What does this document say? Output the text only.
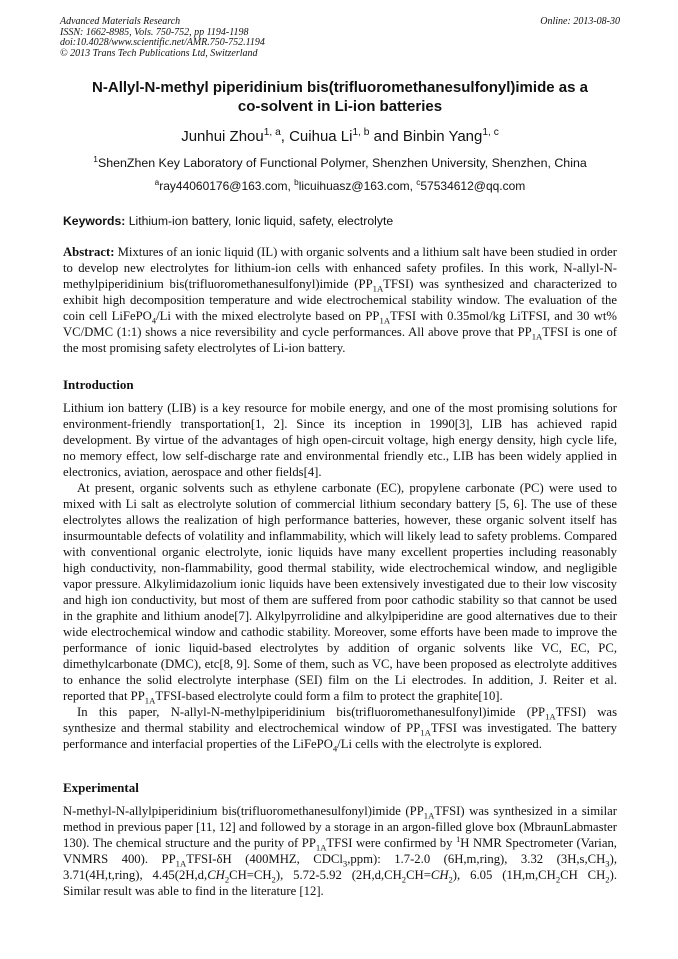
Advanced Materials Research
ISSN: 1662-8985, Vols. 750-752, pp 1194-1198
doi:10.4028/www.scientific.net/AMR.750-752.1194
© 2013 Trans Tech Publications Ltd, Switzerland
Online: 2013-08-30
N-Allyl-N-methyl piperidinium bis(trifluoromethanesulfonyl)imide as a
co-solvent in Li-ion batteries
Junhui Zhou$^{1, a}$, Cuihua Li$^{1, b}$ and Binbin Yang$^{1, c}$
$^1$ShenZhen Key Laboratory of Functional Polymer, Shenzhen University, Shenzhen, China
$^a$ray44060176@163.com, $^b$licuihuasz@163.com, $^c$57534612@qq.com
Keywords: Lithium-ion battery, Ionic liquid, safety, electrolyte

Abstract: Mixtures of an ionic liquid (IL) with organic solvents and a lithium salt have been studied in order to develop new electrolytes for lithium-ion cells with enhanced safety profiles. In this work, N-allyl-N-methylpiperidinium bis(trifluoromethanesulfonyl)imide $(PP_{1A}TFSI)$ was synthesized and characterized to exhibit high decomposition temperature and wide electrochemical stability window. The evaluation of the coin cell LiFePO$_4$/Li with the mixed electrolyte based on $PP_{1A}TFSI$ with 0.35mol/kg LiTFSI, and 30 wt% VC/DMC (1:1) shows a nice reversibility and cycle performances. All above prove that $PP_{1A}TFSI$ is one of the most promising safety electrolytes of Li-ion battery.

Introduction

Lithium ion battery (LIB) is a key resource for mobile energy, and one of the most promising solutions for environment-friendly transportation[1, 2]. Since its inception in 1990[3], LIB has achieved rapid development. By virtue of the advantages of high open-circuit voltage, high energy density, high cycle life, no memory effect, low self-discharge rate and environmental friendly etc., LIB has been widely applied in electronics, aviation, aerospace and other fields[4].

At present, organic solvents such as ethylene carbonate (EC), propylene carbonate (PC) were used to mixed with Li salt as electrolyte solution of commercial lithium secondary battery [5, 6]. The use of these electrolytes allows the realization of high performance batteries, however, these organic solvent itself has insurmountable defects of volatility and inflammability, which will likely lead to safety problems. Compared with conventional organic electrolyte, ionic liquids have many excellent properties including reasonably high conductivity, non-flammability, good thermal stability, wide electrochemical window, and negligible vapor pressure. Alkylimidazolium ionic liquids have been extensively investigated due to their low viscosity and high ion conductivity, but most of them are suffered from poor cathodic stability so that cannot be used in the graphite and lithium anode[7]. Alkylpyrrolidine and alkylpiperidine are good alternatives due to their wide electrochemical window and cathodic stability. Moreover, some efforts have been made to improve the performance of ionic liquid-based electrolytes by addition of organic solvents like VC, EC, PC, dimethylcarbonate (DMC), etc[8, 9]. Some of them, such as VC, have been proposed as electrolyte additives to enhance the solid electrolyte interphase (SEI) film on the Li electrodes. In addition, J. Reiter et al. reported that $PP_{1A}TFSI$-based electrolyte could form a film to protect the graphite[10].

In this paper, N-allyl-N-methylpiperidinium bis(trifluoromethanesulfonyl)imide $(PP_{1A}TFSI)$ was synthesize and thermal stability and electrochemical window of $PP_{1A}TFSI$ was investigated. The battery performance and interfacial properties of the LiFePO$_4$/Li cells with the electrolyte is explored.

Experimental

N-methyl-N-allylpiperidinium bis(trifluoromethanesulfonyl)imide $(PP_{1A}TFSI)$ was synthesized in a similar method in previous paper [11, 12] and followed by a storage in an argon-filled glove box (MbraunLabmaster 130). The chemical structure and the purity of $PP_{1A}TFSI$ were confirmed by $^1$H NMR Spectrometer (Varian, VNMRS 400). $PP_{1A}TFSI-\delta H$ (400MHZ, CDCl$_3$,ppm): 1.7-2.0 (6H,m,ring), 3.32 $(3H,s,CH_3)$, 3.71(4H,t,ring), $4.45(2H,d,CH_2CH=CH_2)$, 5.72-5.92 $(2H,d,CH_2CH=CH_2)$, 6.05 ($1H,m,CH_2CH$ $CH_2$). Similar result was able to find in the literature [12].
